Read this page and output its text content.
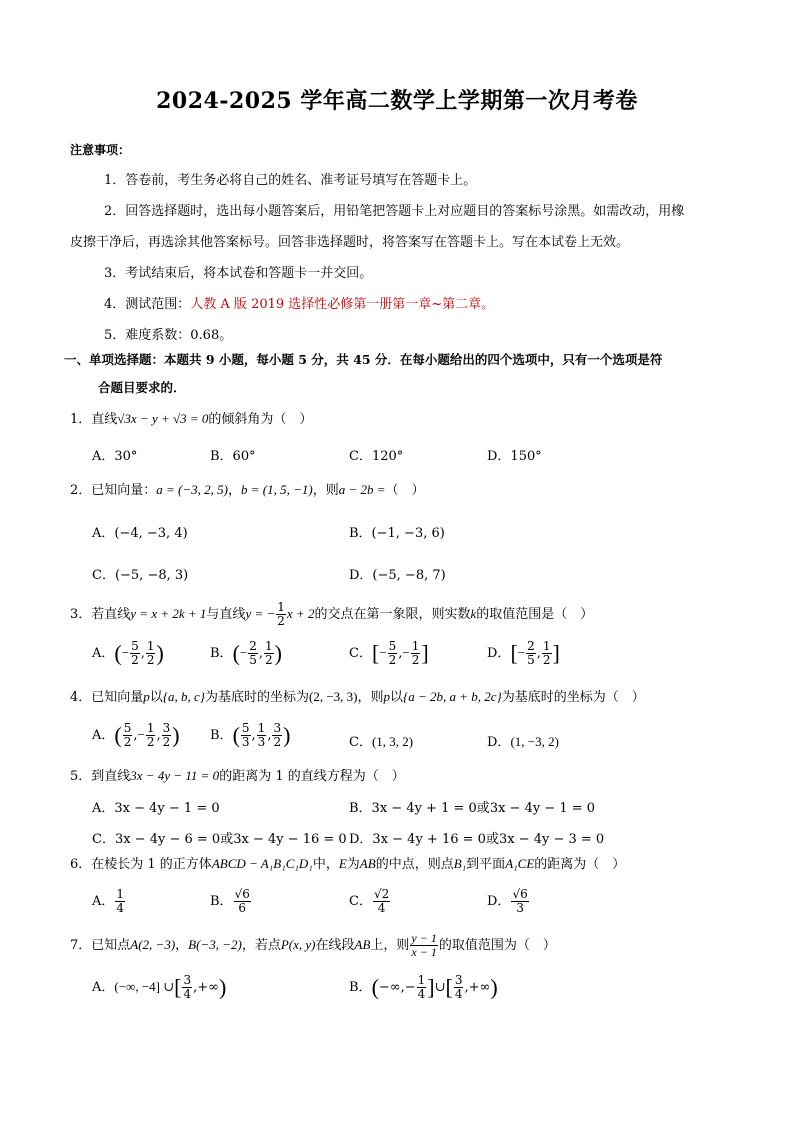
2024-2025 学年高二数学上学期第一次月考卷
注意事项：
1．答卷前，考生务必将自己的姓名、准考证号填写在答题卡上。
2．回答选择题时，选出每小题答案后，用铅笔把答题卡上对应题目的答案标号涂黑。如需改动，用橡
皮擦干净后，再选涂其他答案标号。回答非选择题时，将答案写在答题卡上。写在本试卷上无效。
3．考试结束后，将本试卷和答题卡一并交回。
4．测试范围：人教 A 版 2019 选择性必修第一册第一章~第二章。
5．难度系数：0.68。
一、单项选择题：本题共 9 小题，每小题 5 分，共 45 分．在每小题给出的四个选项中，只有一个选项是符
合题目要求的．
1．直线√3x − y + √3 = 0的倾斜角为（　）
A．30°	B．60°	C．120°	D．150°
2．已知向量：a = (−3, 2, 5)，b = (1, 5, −1)，则a − 2b =（　）
A．(−4, −3, 4)	B．(−1, −3, 6)
C．(−5, −8, 3)	D．(−5, −8, 7)
3．若直线y = x + 2k + 1与直线y = − $\frac{1}{2}$ x + 2的交点在第一象限，则实数k的取值范围是（　）
A．(− $\frac{5}{2}$ , $\frac{1}{2}$ )	B．(− $\frac{2}{5}$ , $\frac{1}{2}$ )	C．[− $\frac{5}{2}$ ,− $\frac{1}{2}$ ]	D．[− $\frac{2}{5}$ , $\frac{1}{2}$ ]
4．已知向量p以{a, b, c}为基底时的坐标为(2, −3, 3)，则p以{a − 2b, a + b, 2c}为基底时的坐标为（　）
A．( $\frac{5}{2}$ ,− $\frac{1}{2}$ , $\frac{3}{2}$ ) B．( $\frac{5}{3}$ , $\frac{1}{3}$ , $\frac{3}{2}$ )	C．(1, 3, 2)	D．(1, −3, 2)
5．到直线3x − 4y − 11 = 0的距离为 1 的直线方程为（　）
A．3x − 4y − 1 = 0	B．3x − 4y + 1 = 0或3x − 4y − 1 = 0
C．3x − 4y − 6 = 0或3x − 4y − 16 = 0 D．3x − 4y + 16 = 0或3x − 4y − 3 = 0
6．在棱长为 1 的正方体ABCD − A₁B₁C₁D₁中，E为AB的中点，则点B₁到平面A₁CE的距离为（　）
A． $\frac{1}{4}$	B． $\frac{√6}{6}$	C． $\frac{√2}{4}$	D． $\frac{√6}{3}$
7．已知点A(2, −3)，B(−3, −2)，若点P(x, y)在线段AB上，则 $\frac{y - 1}{x - 1}$ 的取值范围为（　）
A．(−∞, −4] ∪[ $\frac{3}{4}$ ,+∞)	B．(−∞,− $\frac{1}{4}$ ]∪[ $\frac{3}{4}$ ,+∞)
